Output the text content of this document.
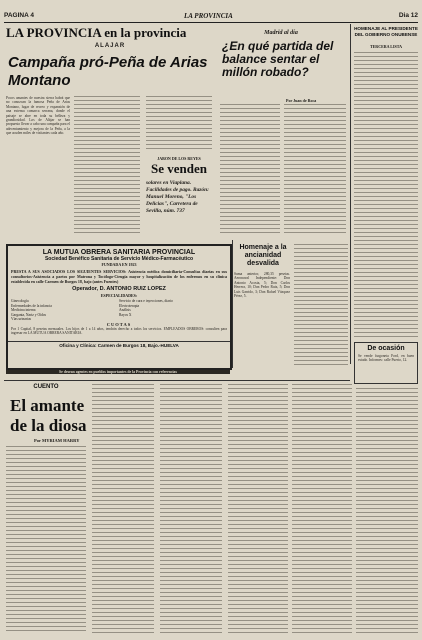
PAGINA 4	LA PROVINCIA	Dia 12
LA PROVINCIA en la provincia
ALAJAR
Campaña pró-Peña de Arias Montano
Pocos amantes de nuestra sierra habrá que no conozcan la famosa Peña de Arias Montano, lugar de recreo y expansión de una extensa comarca serrana, donde el paisaje se abre en toda su belleza y grandiosidad. Los de Alájar se han propuesto llevar a cabo una campaña para el adecentamiento y mejora de la Peña, a la que acuden miles de visitantes cada año.
JABON DE LOS REYES
Se venden
solares en Viaplana. Facilidades de pago. Razón: Manuel Moreno, "Los Delicias", Carretera de Sevilla, núm. 737
Madrid al día
¿En qué partida del balance sentar el millón robado?
Por Juan de Roca
HOMENAJE AL PRESIDENTE DEL GOBIERNO ONUBENSE
TERCERA LISTA
De ocasión
Se vende furgoneta Ford, en buen estado. Informes: calle Puerto, 12.
LA MUTUA OBRERA SANITARIA PROVINCIAL
Sociedad Benéfico Sanitaria de Servicio Médico-Farmacéutico
FUNDADA EN 1923
PRESTA A SUS ASOCIADOS LOS SIGUIENTES SERVICIOS: Asistencia médica domiciliaria-Consultas diarias en sus consultorios-Asistencia a partos por Matrona y Tocólogo-Cirugía mayor y hospitalización de los enfermos en su clínica establecida en calle Carmen de Burgos 18, bajo (antes Fuentes)
Operador, D. ANTONIO RUIZ LOPEZ
ESPECIALIDADES:
Ginecología
Enfermedades de la infancia
Medicina interna
Garganta, Nariz y Oídos
Vías urinarias
Servicio de cura e inyecciones, diario
Electroterapia
Análisis
Rayos X
CUOTAS
Por 1 Capital, 8 pesetas mensuales. Los hijos de 1 a 14 años, tendrán derecho a todos los servicios. EMPLEADOS OBREROS: consulten para ingresar en LA MUTUA OBRERA SANITARIA.
Oficina y Clínica: Carmen de Burgos 18, Bajo.-HUELVA
Se desean agentes en pueblos importantes de la Provincia con referencias
Homenaje a la ancianidad desvalida
Suma anterior, 280,35 pesetas. Aeronaval Independiente: Don Antonio Acosta, 5; Don Carlos Herrera, 10; Don Pedro Ruiz, 5; Don Luis Garrido, 3; Don Rafael Vázquez Pérez, 5.
CUENTO
El amante de la diosa
Por MYRIAM HARRY
